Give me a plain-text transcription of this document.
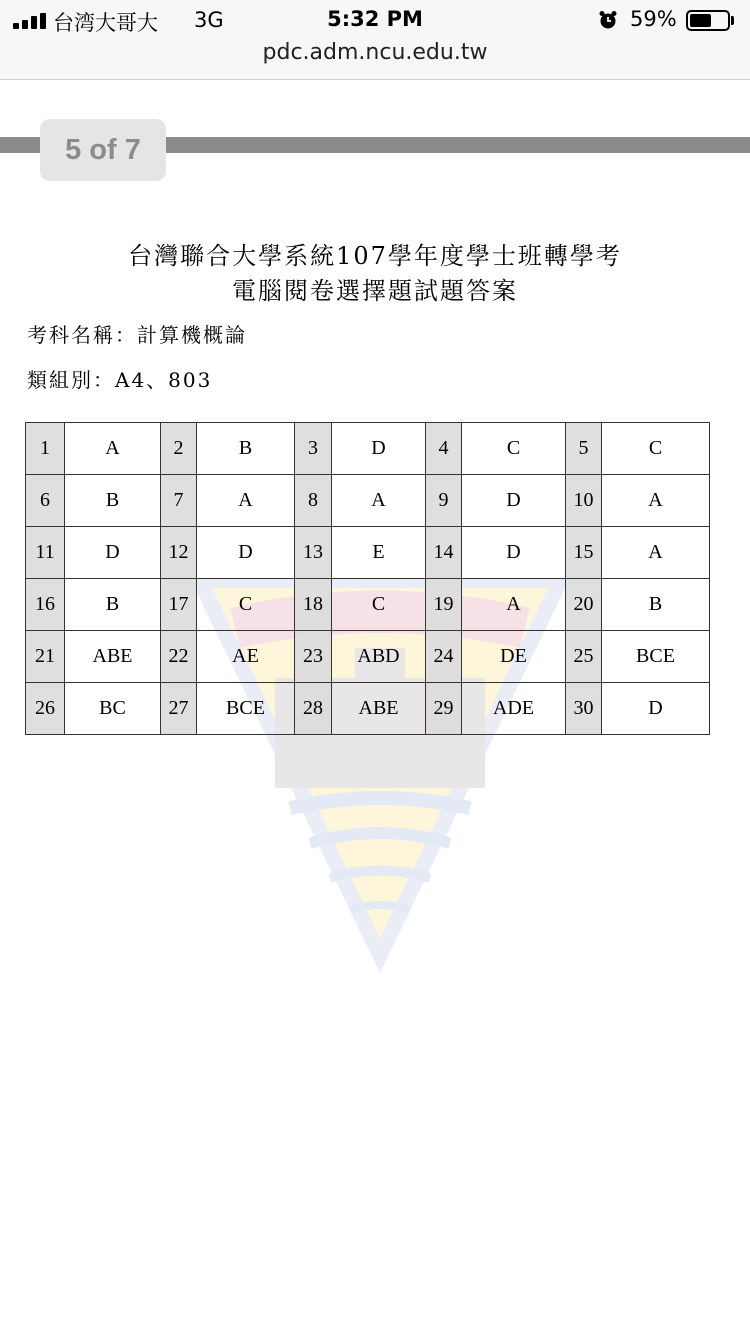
台湾大哥大 3G	5:32 PM	59%
pdc.adm.ncu.edu.tw
5 of 7
台灣聯合大學系統107學年度學士班轉學考
電腦閱卷選擇題試題答案
考科名稱：計算機概論
類組別：A4、803
1	A	2	B	3	D	4	C	5	C
6	B	7	A	8	A	9	D	10	A
11	D	12	D	13	E	14	D	15	A
16	B	17	C	18	C	19	A	20	B
21	ABE	22	AE	23	ABD	24	DE	25	BCE
26	BC	27	BCE	28	ABE	29	ADE	30	D
